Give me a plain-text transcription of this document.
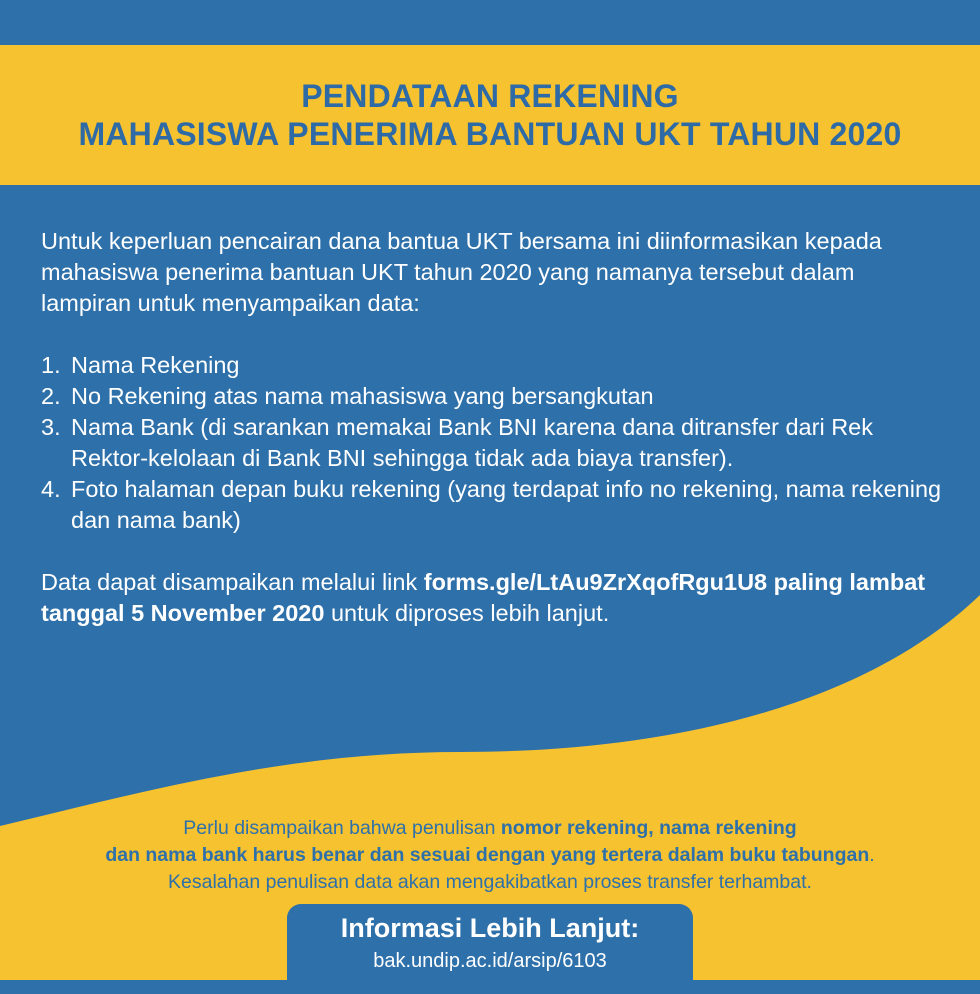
PENDATAAN REKENING
MAHASISWA PENERIMA BANTUAN UKT TAHUN 2020

Untuk keperluan pencairan dana bantua UKT bersama ini diinformasikan kepada mahasiswa penerima bantuan UKT tahun 2020 yang namanya tersebut dalam lampiran untuk menyampaikan data:

1. Nama Rekening
2. No Rekening atas nama mahasiswa yang bersangkutan
3. Nama Bank (di sarankan memakai Bank BNI karena dana ditransfer dari Rek Rektor-kelolaan di Bank BNI sehingga tidak ada biaya transfer).
4. Foto halaman depan buku rekening (yang terdapat info no rekening, nama rekening dan nama bank)

Data dapat disampaikan melalui link forms.gle/LtAu9ZrXqofRgu1U8 paling lambat tanggal 5 November 2020 untuk diproses lebih lanjut.

Perlu disampaikan bahwa penulisan nomor rekening, nama rekening

dan nama bank harus benar dan sesuai dengan yang tertera dalam buku tabungan.

Kesalahan penulisan data akan mengakibatkan proses transfer terhambat.

Informasi Lebih Lanjut:
bak.undip.ac.id/arsip/6103
